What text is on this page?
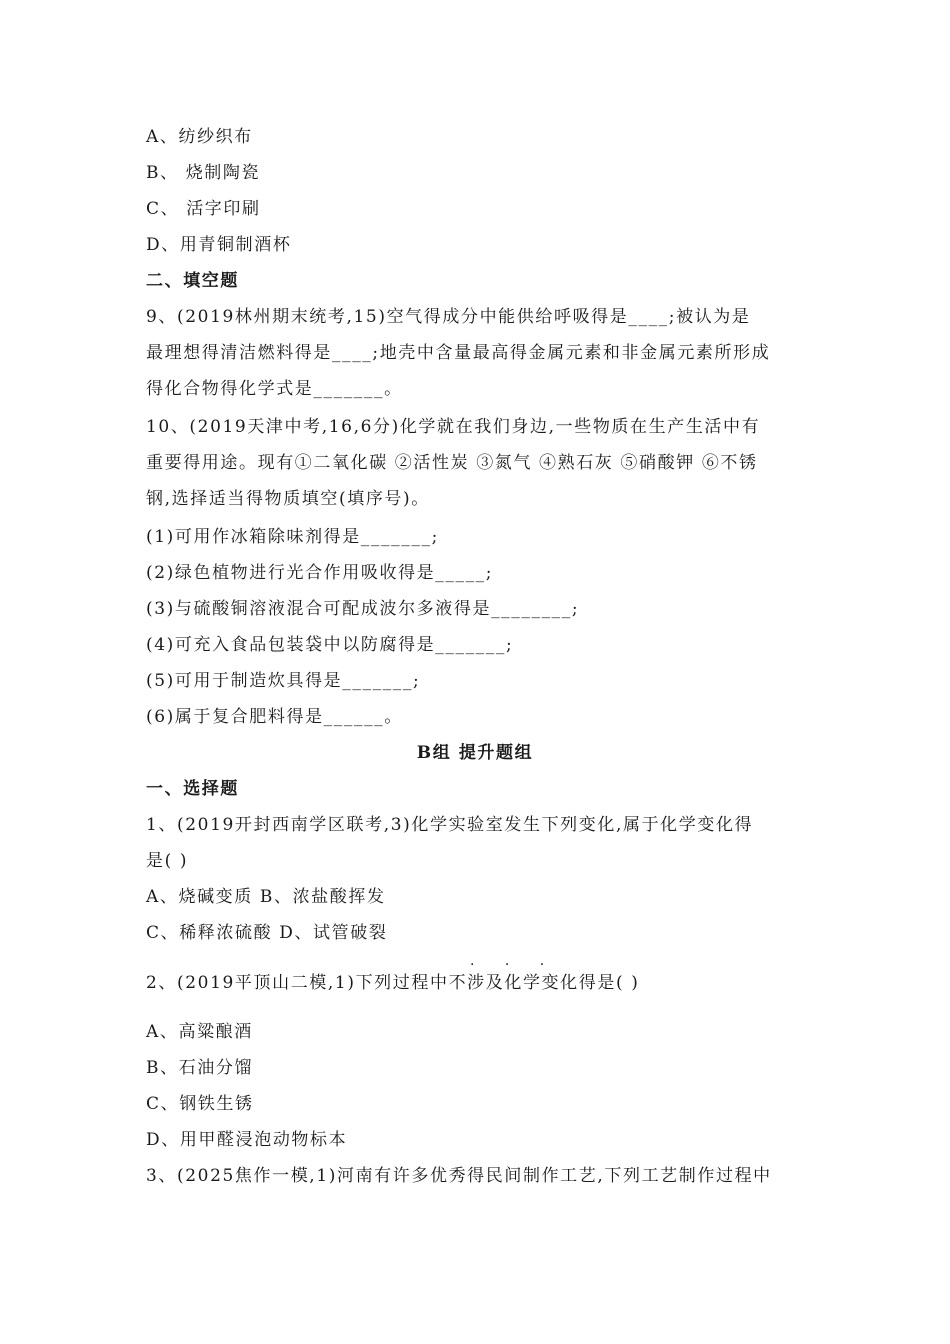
A、纺纱织布
B、 烧制陶瓷
C、 活字印刷
D、用青铜制酒杯
二、填空题
9、(2019林州期末统考,15)空气得成分中能供给呼吸得是____;被认为是
最理想得清洁燃料得是____;地壳中含量最高得金属元素和非金属元素所形成
得化合物得化学式是_______。
10、(2019天津中考,16,6分)化学就在我们身边,一些物质在生产生活中有
重要得用途。现有①二氧化碳 ②活性炭 ③氮气 ④熟石灰 ⑤硝酸钾 ⑥不锈
钢,选择适当得物质填空(填序号)。
(1)可用作冰箱除味剂得是_______;
(2)绿色植物进行光合作用吸收得是_____;
(3)与硫酸铜溶液混合可配成波尔多液得是________;
(4)可充入食品包装袋中以防腐得是_______;
(5)可用于制造炊具得是_______;
(6)属于复合肥料得是______。
B组 提升题组
一、选择题
1、(2019开封西南学区联考,3)化学实验室发生下列变化,属于化学变化得
是( )
A、烧碱变质 B、浓盐酸挥发
C、稀释浓硫酸 D、试管破裂
· · ·
2、(2019平顶山二模,1)下列过程中不涉及化学变化得是( )
A、高粱酿酒
B、石油分馏
C、钢铁生锈
D、用甲醛浸泡动物标本
3、(2025焦作一模,1)河南有许多优秀得民间制作工艺,下列工艺制作过程中
